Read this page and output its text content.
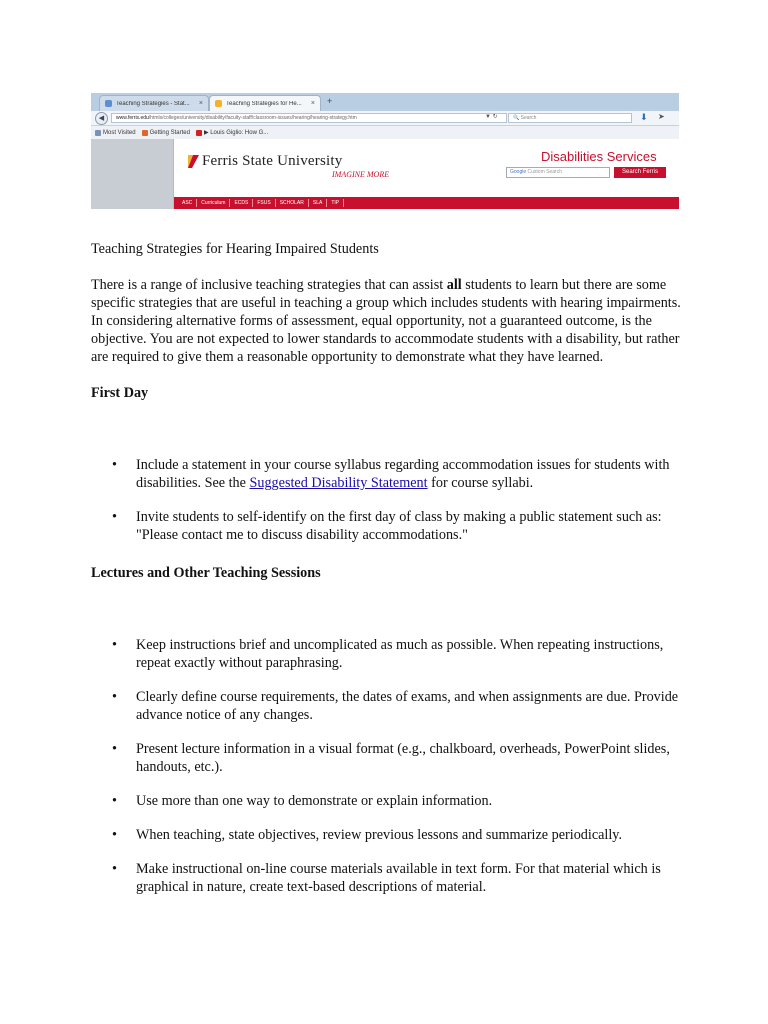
Teaching Strategies - Stat...	×	Teaching Strategies for He...	× +
◀	www.ferris.edu/htmls/colleges/university/disability/faculty-staff/classroom-issues/hearing/hearing-strategy.htm	▼ ↻	🔍 Search	⬇ ➤
Most Visited Getting Started ▶ Louis Giglio: How G...
Ferris State University
IMAGINE MORE
Disabilities Services
Google Custom Search	Search Ferris
ASC	Curriculum	ECDS	FSUS	SCHOLAR	SLA	TIP

Teaching Strategies for Hearing Impaired Students

There is a range of inclusive teaching strategies that can assist all students to learn but there are some specific strategies that are useful in teaching a group which includes students with hearing impairments. In considering alternative forms of assessment, equal opportunity, not a guaranteed outcome, is the objective. You are not expected to lower standards to accommodate students with a disability, but rather are required to give them a reasonable opportunity to demonstrate what they have learned.

First Day

• Include a statement in your course syllabus regarding accommodation issues for students with disabilities. See the Suggested Disability Statement for course syllabi.
• Invite students to self-identify on the first day of class by making a public statement such as: "Please contact me to discuss disability accommodations."

Lectures and Other Teaching Sessions

• Keep instructions brief and uncomplicated as much as possible. When repeating instructions, repeat exactly without paraphrasing.
• Clearly define course requirements, the dates of exams, and when assignments are due. Provide advance notice of any changes.
• Present lecture information in a visual format (e.g., chalkboard, overheads, PowerPoint slides, handouts, etc.).
• Use more than one way to demonstrate or explain information.
• When teaching, state objectives, review previous lessons and summarize periodically.
• Make instructional on-line course materials available in text form. For that material which is graphical in nature, create text-based descriptions of material.
